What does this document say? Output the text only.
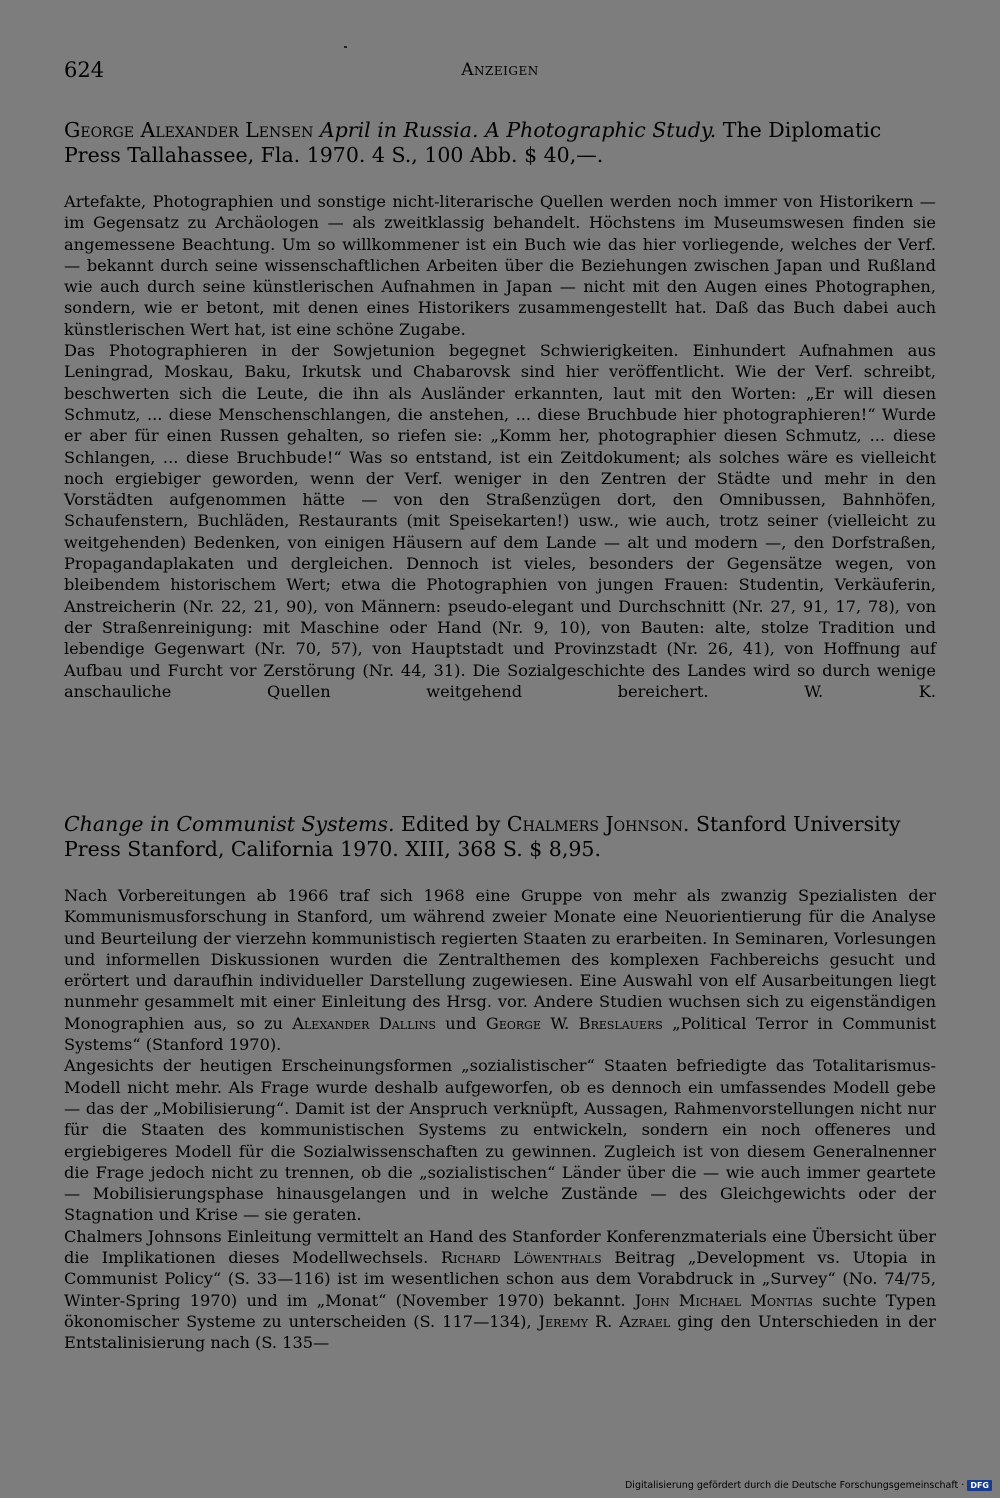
624	Anzeigen

George Alexander Lensen April in Russia. A Photographic Study. The Diplomatic Press Tallahassee, Fla. 1970. 4 S., 100 Abb. $ 40,—.

Artefakte, Photographien und sonstige nicht-literarische Quellen werden noch immer von Historikern — im Gegensatz zu Archäologen — als zweitklassig behandelt. Höchstens im Museumswesen finden sie angemessene Beachtung. Um so willkommener ist ein Buch wie das hier vorliegende, welches der Verf. — bekannt durch seine wissenschaftlichen Arbeiten über die Beziehungen zwischen Japan und Rußland wie auch durch seine künstlerischen Aufnahmen in Japan — nicht mit den Augen eines Photographen, sondern, wie er betont, mit denen eines Historikers zusammengestellt hat. Daß das Buch dabei auch künstlerischen Wert hat, ist eine schöne Zugabe.

Das Photographieren in der Sowjetunion begegnet Schwierigkeiten. Einhundert Aufnahmen aus Leningrad, Moskau, Baku, Irkutsk und Chabarovsk sind hier veröffentlicht. Wie der Verf. schreibt, beschwerten sich die Leute, die ihn als Ausländer erkannten, laut mit den Worten: „Er will diesen Schmutz, ... diese Menschenschlangen, die anstehen, ... diese Bruchbude hier photographieren!“ Wurde er aber für einen Russen gehalten, so riefen sie: „Komm her, photographier diesen Schmutz, ... diese Schlangen, ... diese Bruchbude!“ Was so entstand, ist ein Zeitdokument; als solches wäre es vielleicht noch ergiebiger geworden, wenn der Verf. weniger in den Zentren der Städte und mehr in den Vorstädten aufgenommen hätte — von den Straßenzügen dort, den Omnibussen, Bahnhöfen, Schaufenstern, Buchläden, Restaurants (mit Speisekarten!) usw., wie auch, trotz seiner (vielleicht zu weitgehenden) Bedenken, von einigen Häusern auf dem Lande — alt und modern —, den Dorfstraßen, Propagandaplakaten und dergleichen. Dennoch ist vieles, besonders der Gegensätze wegen, von bleibendem historischem Wert; etwa die Photographien von jungen Frauen: Studentin, Verkäuferin, Anstreicherin (Nr. 22, 21, 90), von Männern: pseudo-elegant und Durchschnitt (Nr. 27, 91, 17, 78), von der Straßenreinigung: mit Maschine oder Hand (Nr. 9, 10), von Bauten: alte, stolze Tradition und lebendige Gegenwart (Nr. 70, 57), von Hauptstadt und Provinzstadt (Nr. 26, 41), von Hoffnung auf Aufbau und Furcht vor Zerstörung (Nr. 44, 31). Die Sozialgeschichte des Landes wird so durch wenige anschauliche Quellen weitgehend bereichert.	W. K.

Change in Communist Systems. Edited by Chalmers Johnson. Stanford University Press Stanford, California 1970. XIII, 368 S. $ 8,95.

Nach Vorbereitungen ab 1966 traf sich 1968 eine Gruppe von mehr als zwanzig Spezialisten der Kommunismusforschung in Stanford, um während zweier Monate eine Neuorientierung für die Analyse und Beurteilung der vierzehn kommunistisch regierten Staaten zu erarbeiten. In Seminaren, Vorlesungen und informellen Diskussionen wurden die Zentralthemen des komplexen Fachbereichs gesucht und erörtert und daraufhin individueller Darstellung zugewiesen. Eine Auswahl von elf Ausarbeitungen liegt nunmehr gesammelt mit einer Einleitung des Hrsg. vor. Andere Studien wuchsen sich zu eigenständigen Monographien aus, so zu Alexander Dallins und George W. Breslauers „Political Terror in Communist Systems“ (Stanford 1970).

Angesichts der heutigen Erscheinungsformen „sozialistischer“ Staaten befriedigte das Totalitarismus-Modell nicht mehr. Als Frage wurde deshalb aufgeworfen, ob es dennoch ein umfassendes Modell gebe — das der „Mobilisierung“. Damit ist der Anspruch verknüpft, Aussagen, Rahmenvorstellungen nicht nur für die Staaten des kommunistischen Systems zu entwickeln, sondern ein noch offeneres und ergiebigeres Modell für die Sozialwissenschaften zu gewinnen. Zugleich ist von diesem Generalnenner die Frage jedoch nicht zu trennen, ob die „sozialistischen“ Länder über die — wie auch immer geartete — Mobilisierungsphase hinausgelangen und in welche Zustände — des Gleichgewichts oder der Stagnation und Krise — sie geraten.

Chalmers Johnsons Einleitung vermittelt an Hand des Stanforder Konferenzmaterials eine Übersicht über die Implikationen dieses Modellwechsels. Richard Löwenthals Beitrag „Development vs. Utopia in Communist Policy“ (S. 33—116) ist im wesentlichen schon aus dem Vorabdruck in „Survey“ (No. 74/75, Winter-Spring 1970) und im „Monat“ (November 1970) bekannt. John Michael Montias suchte Typen ökonomischer Systeme zu unterscheiden (S. 117—134), Jeremy R. Azrael ging den Unterschieden in der Entstalinisierung nach (S. 135—

Digitalisierung gefördert durch die Deutsche Forschungsgemeinschaft · DFG
